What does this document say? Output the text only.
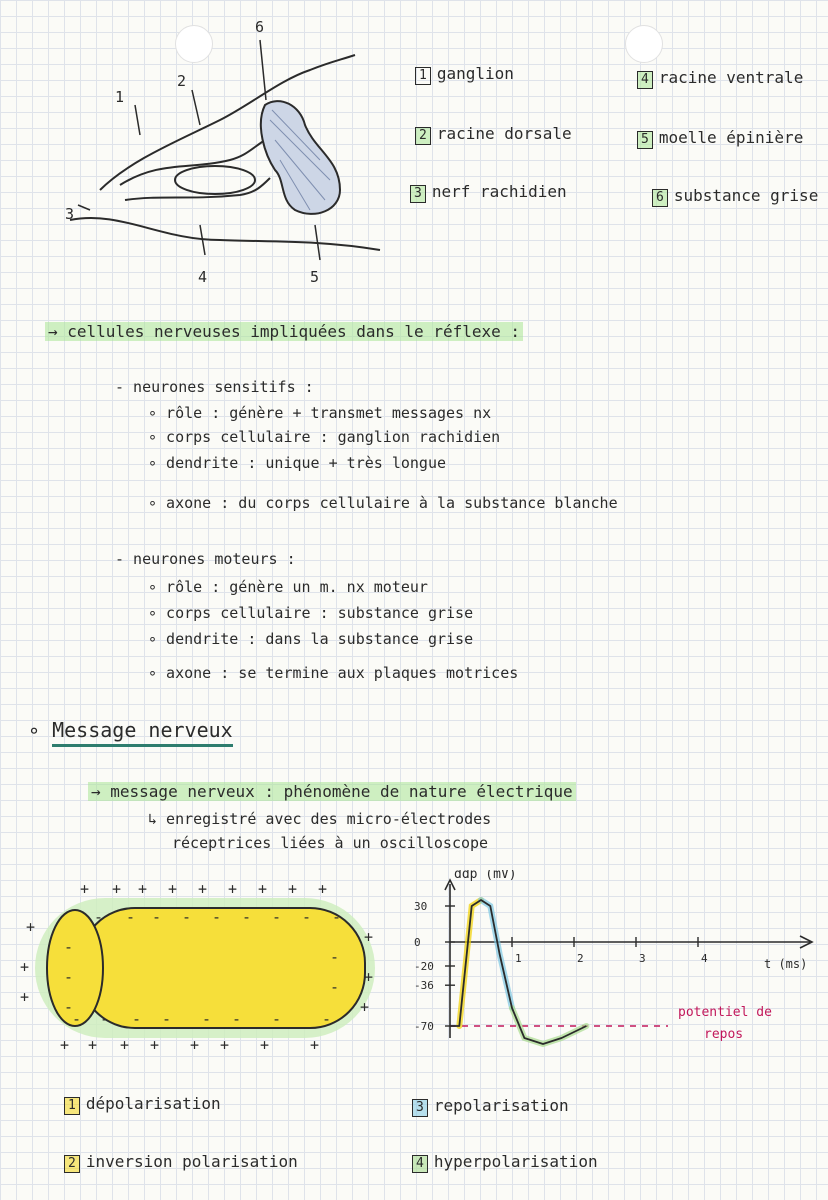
1
2
3
4	5
6
1 ganglion	4 racine ventrale
2 racine dorsale	5 moelle épinière
3 nerf rachidien	6 substance grise
→ cellules nerveuses impliquées dans le réflexe :
- neurones sensitifs :
∘ rôle : génère + transmet messages nx
∘ corps cellulaire : ganglion rachidien
∘ dendrite : unique + très longue
∘ axone : du corps cellulaire à la substance blanche
- neurones moteurs :
∘ rôle : génère un m. nx moteur
∘ corps cellulaire : substance grise
∘ dendrite : dans la substance grise
∘ axone : se termine aux plaques motrices
∘ Message nerveux
→ message nerveux : phénomène de nature électrique
↳ enregistré avec des micro-électrodes
réceptrices liées à un oscilloscope
+
-
+
-
+
-
+
-
+
-
+
-
+
-
+
-
+
-
+
-
+
-
+
-
+
-
+
-
+
-
+
-
+
-
+
+
+
+
+
+
-
-
-
-
-
ddp (mV)
t (ms)
1	2	3	4
30
0
-20
-36
-70
potentiel de
repos
1 dépolarisation
2 inversion polarisation
3 repolarisation
4 hyperpolarisation
